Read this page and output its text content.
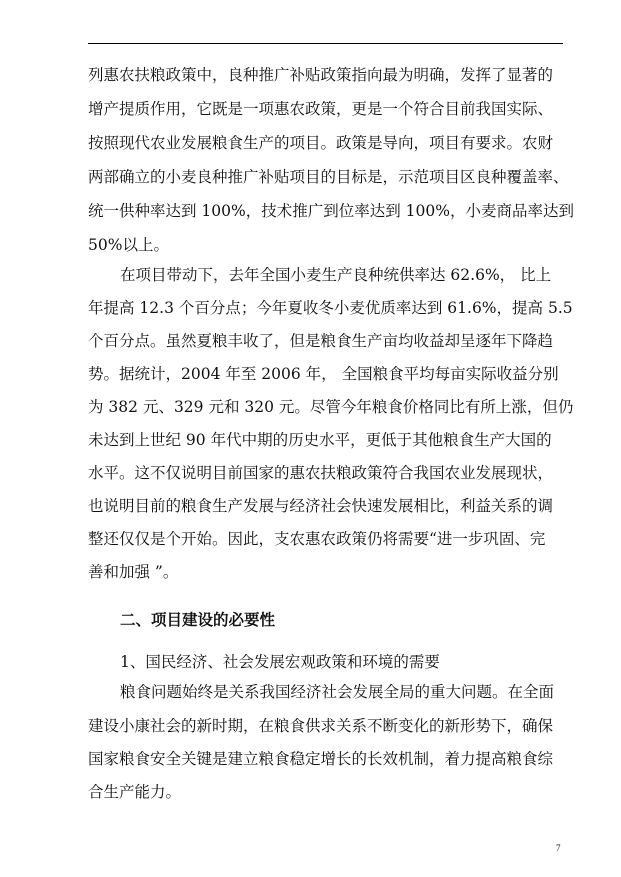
列惠农扶粮政策中，良种推广补贴政策指向最为明确，发挥了显著的
增产提质作用，它既是一项惠农政策，更是一个符合目前我国实际、
按照现代农业发展粮食生产的项目。政策是导向，项目有要求。农财
两部确立的小麦良种推广补贴项目的目标是，示范项目区良种覆盖率、
统一供种率达到 100%，技术推广到位率达到 100%，小麦商品率达到
50%以上。
在项目带动下，去年全国小麦生产良种统供率达 62.6%， 比上
年提高 12.3 个百分点；今年夏收冬小麦优质率达到 61.6%，提高 5.5
个百分点。虽然夏粮丰收了，但是粮食生产亩均收益却呈逐年下降趋
势。据统计，2004 年至 2006 年， 全国粮食平均每亩实际收益分别
为 382 元、329 元和 320 元。尽管今年粮食价格同比有所上涨，但仍
未达到上世纪 90 年代中期的历史水平，更低于其他粮食生产大国的
水平。这不仅说明目前国家的惠农扶粮政策符合我国农业发展现状，
也说明目前的粮食生产发展与经济社会快速发展相比，利益关系的调
整还仅仅是个开始。因此，支农惠农政策仍将需要“进一步巩固、完
善和加强 ”。
二、项目建设的必要性
1、国民经济、社会发展宏观政策和环境的需要
粮食问题始终是关系我国经济社会发展全局的重大问题。在全面
建设小康社会的新时期，在粮食供求关系不断变化的新形势下，确保
国家粮食安全关键是建立粮食稳定增长的长效机制，着力提高粮食综
合生产能力。
7
